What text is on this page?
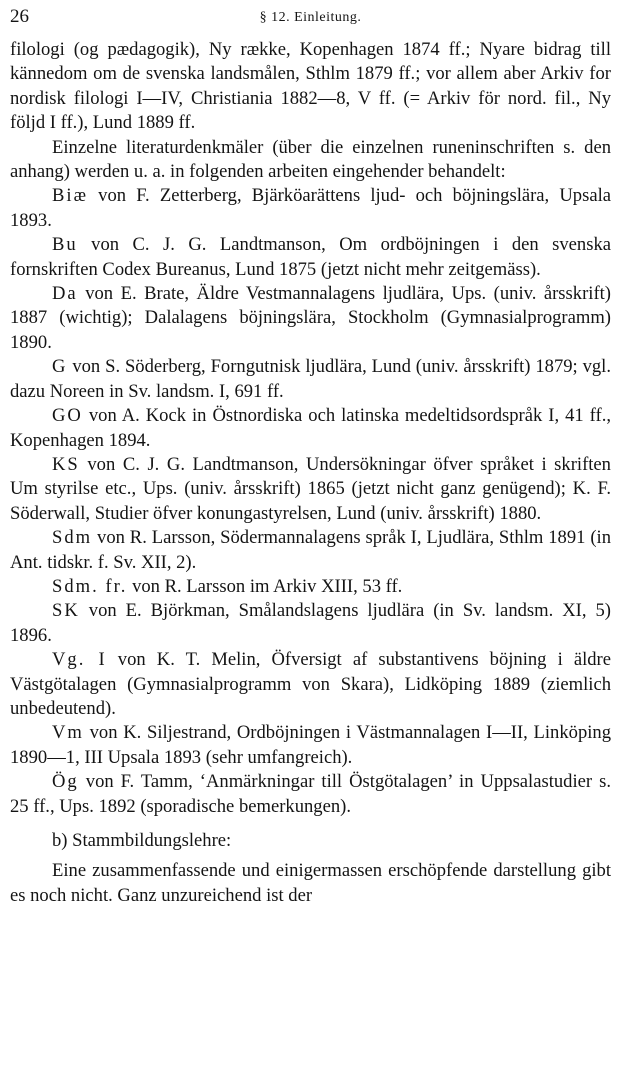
26	§ 12. Einleitung.

filologi (og pædagogik), Ny række, Kopenhagen 1874 ff.; Nyare bidrag till kännedom om de svenska landsmålen, Sthlm 1879 ff.; vor allem aber Arkiv for nordisk filologi I—IV, Christiania 1882—8, V ff. (= Arkiv för nord. fil., Ny följd I ff.), Lund 1889 ff.

Einzelne literaturdenkmäler (über die einzelnen runeninschriften s. den anhang) werden u. a. in folgenden arbeiten eingehender behandelt:

Biæ von F. Zetterberg, Bjärköarättens ljud- och böjningslära, Upsala 1893.

Bu von C. J. G. Landtmanson, Om ordböjningen i den svenska fornskriften Codex Bureanus, Lund 1875 (jetzt nicht mehr zeitgemäss).

Da von E. Brate, Äldre Vestmannalagens ljudlära, Ups. (univ. årsskrift) 1887 (wichtig); Dalalagens böjningslära, Stockholm (Gymnasialprogramm) 1890.

G von S. Söderberg, Forngutnisk ljudlära, Lund (univ. årsskrift) 1879; vgl. dazu Noreen in Sv. landsm. I, 691 ff.

GO von A. Kock in Östnordiska och latinska medeltidsordspråk I, 41 ff., Kopenhagen 1894.

KS von C. J. G. Landtmanson, Undersökningar öfver språket i skriften Um styrilse etc., Ups. (univ. årsskrift) 1865 (jetzt nicht ganz genügend); K. F. Söderwall, Studier öfver konungastyrelsen, Lund (univ. årsskrift) 1880.

Sdm von R. Larsson, Södermannalagens språk I, Ljudlära, Sthlm 1891 (in Ant. tidskr. f. Sv. XII, 2).

Sdm. fr. von R. Larsson im Arkiv XIII, 53 ff.

SK von E. Björkman, Smålandslagens ljudlära (in Sv. landsm. XI, 5) 1896.

Vg. I von K. T. Melin, Öfversigt af substantivens böjning i äldre Västgötalagen (Gymnasialprogramm von Skara), Lidköping 1889 (ziemlich unbedeutend).

Vm von K. Siljestrand, Ordböjningen i Västmannalagen I—II, Linköping 1890—1, III Upsala 1893 (sehr umfangreich).

Ög von F. Tamm, ‘Anmärkningar till Östgötalagen’ in Uppsalastudier s. 25 ff., Ups. 1892 (sporadische bemerkungen).

b) Stammbildungslehre:

Eine zusammenfassende und einigermassen erschöpfende darstellung gibt es noch nicht. Ganz unzureichend ist der
